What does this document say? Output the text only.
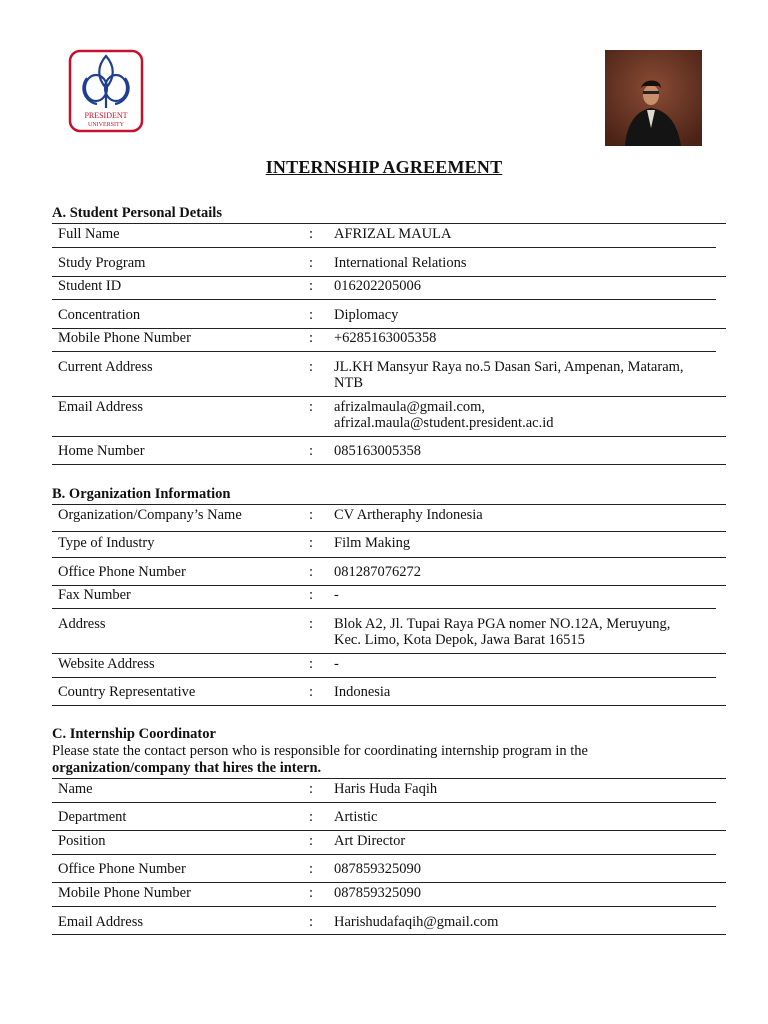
PRESIDENT
UNIVERSITY
INTERNSHIP AGREEMENT
A. Student Personal Details
Full Name	: AFRIZAL MAULA
Study Program	: International Relations
Student ID	: 016202205006
Concentration	: Diplomacy
Mobile Phone Number	: +6285163005358
Current Address	: JL.KH Mansyur Raya no.5 Dasan Sari, Ampenan, Mataram,
NTB
Email Address	: afrizalmaula@gmail.com,
afrizal.maula@student.president.ac.id
Home Number	: 085163005358
B. Organization Information
Organization/Company’s Name	: CV Artheraphy Indonesia
Type of Industry	: Film Making
Office Phone Number	: 081287076272
Fax Number	: -
Address	: Blok A2, Jl. Tupai Raya PGA nomer NO.12A, Meruyung,
Kec. Limo, Kota Depok, Jawa Barat 16515
Website Address	: -
Country Representative	: Indonesia
C. Internship Coordinator
Please state the contact person who is responsible for coordinating internship program in the
organization/company that hires the intern.
Name	: Haris Huda Faqih
Department	: Artistic
Position	: Art Director
Office Phone Number	: 087859325090
Mobile Phone Number	: 087859325090
Email Address	: Harishudafaqih@gmail.com
